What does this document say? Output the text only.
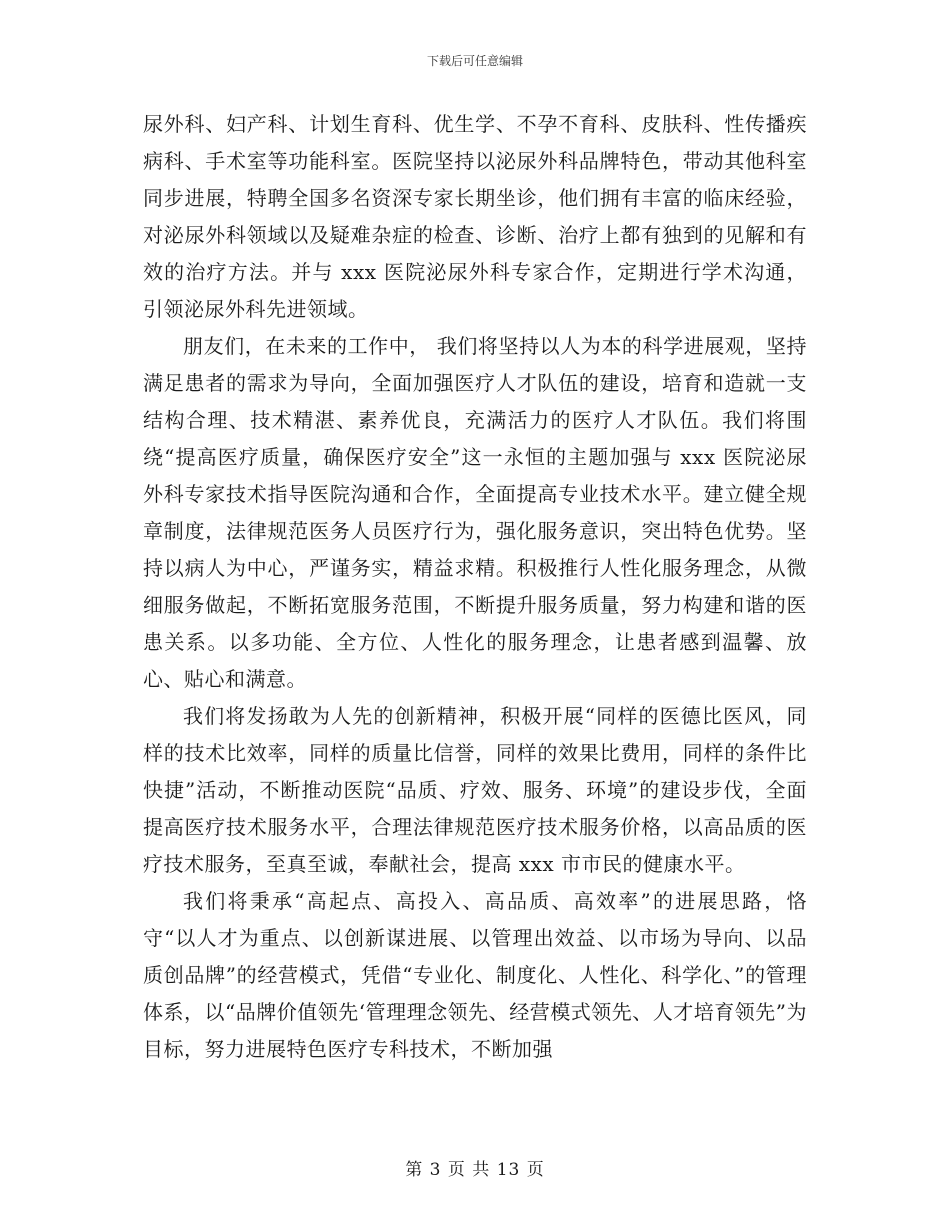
下载后可任意编辑

尿外科、妇产科、计划生育科、优生学、不孕不育科、皮肤科、性传播疾病科、手术室等功能科室。医院坚持以泌尿外科品牌特色，带动其他科室同步进展，特聘全国多名资深专家长期坐诊，他们拥有丰富的临床经验，对泌尿外科领域以及疑难杂症的检查、诊断、治疗上都有独到的见解和有效的治疗方法。并与 xxx 医院泌尿外科专家合作，定期进行学术沟通，引领泌尿外科先进领域。

朋友们，在未来的工作中， 我们将坚持以人为本的科学进展观，坚持满足患者的需求为导向，全面加强医疗人才队伍的建设，培育和造就一支结构合理、技术精湛、素养优良，充满活力的医疗人才队伍。我们将围绕“提高医疗质量，确保医疗安全”这一永恒的主题加强与 xxx 医院泌尿外科专家技术指导医院沟通和合作，全面提高专业技术水平。建立健全规章制度，法律规范医务人员医疗行为，强化服务意识，突出特色优势。坚持以病人为中心，严谨务实，精益求精。积极推行人性化服务理念，从微细服务做起，不断拓宽服务范围，不断提升服务质量，努力构建和谐的医患关系。以多功能、全方位、人性化的服务理念，让患者感到温馨、放心、贴心和满意。

我们将发扬敢为人先的创新精神，积极开展“同样的医德比医风，同样的技术比效率，同样的质量比信誉，同样的效果比费用，同样的条件比快捷”活动，不断推动医院“品质、疗效、服务、环境”的建设步伐，全面提高医疗技术服务水平，合理法律规范医疗技术服务价格，以高品质的医疗技术服务，至真至诚，奉献社会，提高 xxx 市市民的健康水平。

我们将秉承“高起点、高投入、高品质、高效率”的进展思路，恪守“以人才为重点、以创新谋进展、以管理出效益、以市场为导向、以品质创品牌”的经营模式，凭借“专业化、制度化、人性化、科学化、”的管理体系，以“品牌价值领先‘管理理念领先、经营模式领先、人才培育领先”为目标，努力进展特色医疗专科技术，不断加强

第 3 页 共 13 页
